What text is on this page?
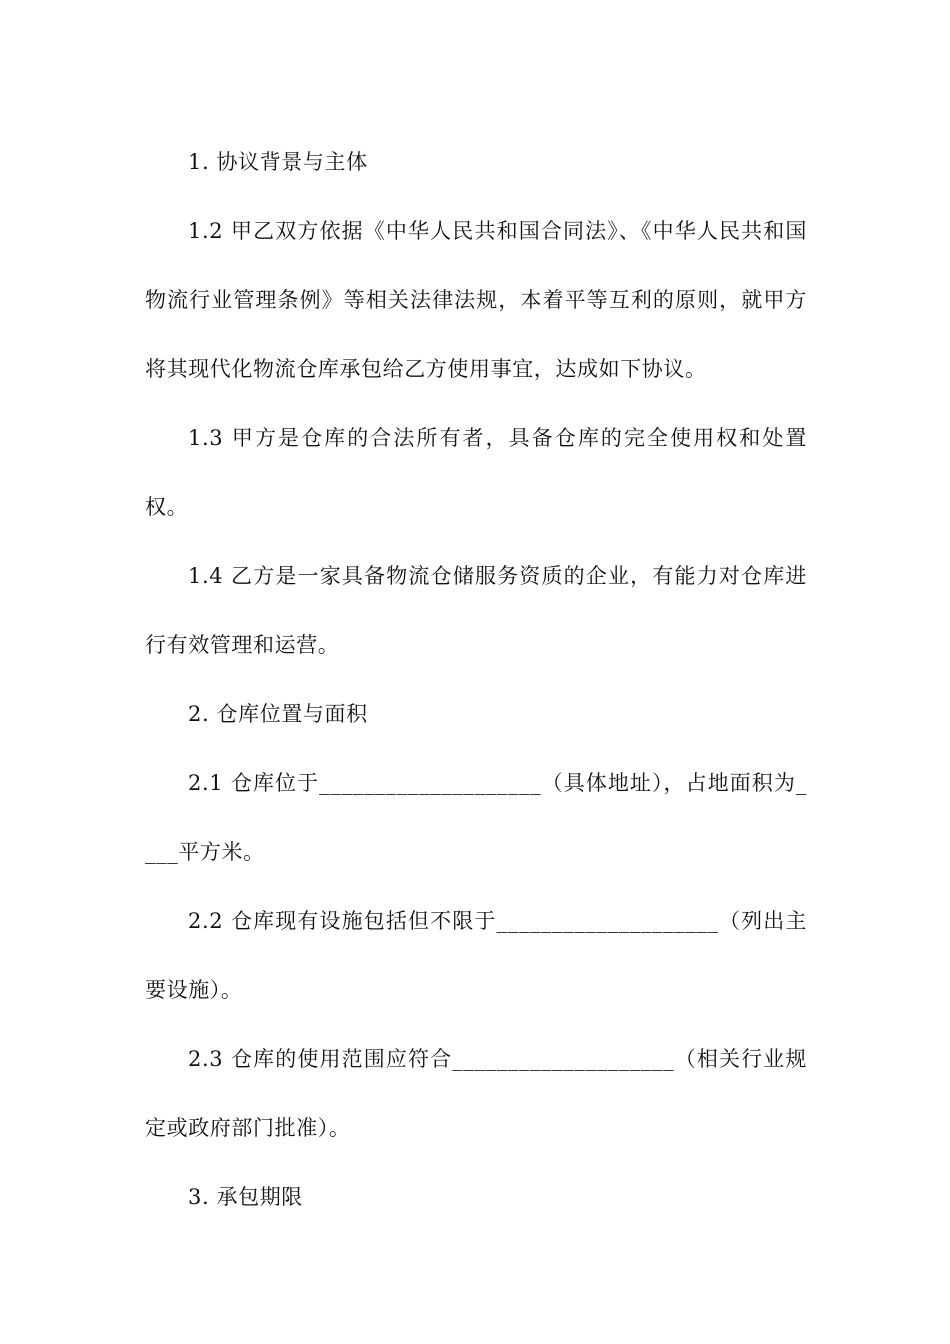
1. 协议背景与主体

1.2 甲乙双方依据《中华人民共和国合同法》、《中华人民共和国物流行业管理条例》等相关法律法规，本着平等互利的原则，就甲方将其现代化物流仓库承包给乙方使用事宜，达成如下协议。

1.3 甲方是仓库的合法所有者，具备仓库的完全使用权和处置权。

1.4 乙方是一家具备物流仓储服务资质的企业，有能力对仓库进行有效管理和运营。

2. 仓库位置与面积

2.1 仓库位于____________________（具体地址），占地面积为____平方米。

2.2 仓库现有设施包括但不限于____________________（列出主要设施）。

2.3 仓库的使用范围应符合____________________（相关行业规定或政府部门批准）。

3. 承包期限
